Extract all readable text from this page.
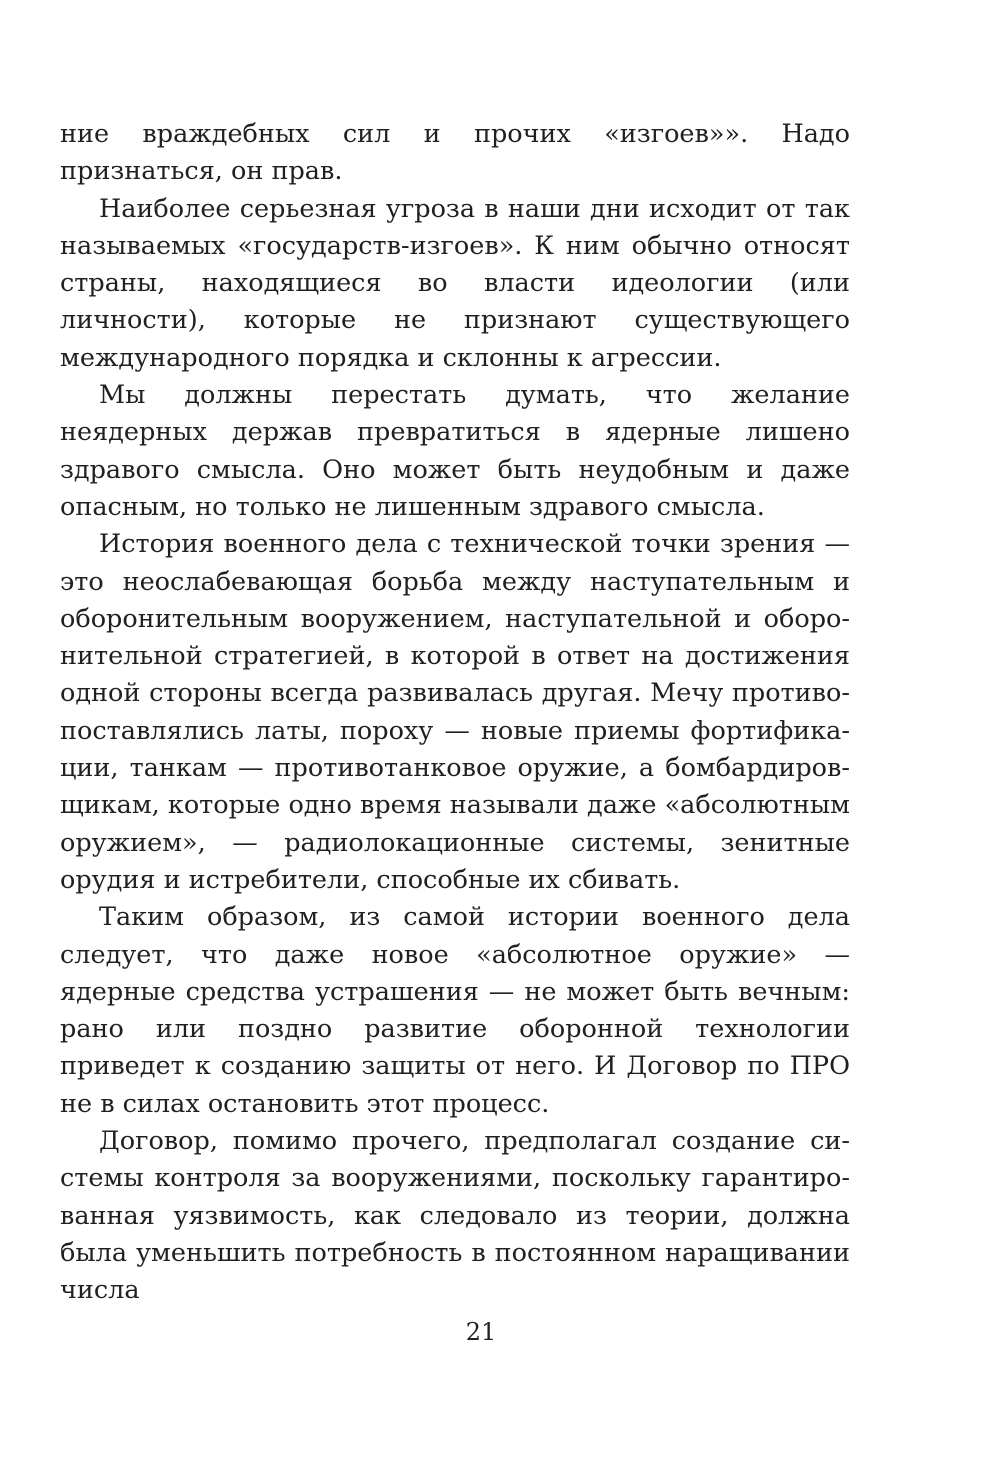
ние враждебных сил и прочих «изгоев»». Надо признаться, он прав.

Наиболее серьезная угроза в наши дни исходит от так называемых «государств-изгоев». К ним обычно относят страны, находящиеся во власти идеологии (или личности), которые не признают существующего международного порядка и склонны к агрессии.

Мы должны перестать думать, что желание неядерных держав превратиться в ядерные лишено здравого смысла. Оно может быть неудобным и даже опасным, но только не лишенным здравого смысла.

История военного дела с технической точки зрения — это неослабевающая борьба между наступательным и оборонительным вооружением, наступательной и оборонительной стратегией, в которой в ответ на достижения одной стороны всегда развивалась другая. Мечу противопоставлялись латы, пороху — новые приемы фортификации, танкам — противотанковое оружие, а бомбардировщикам, которые одно время называли даже «абсолютным оружием», — радиолокационные системы, зенитные орудия и истребители, способные их сбивать.

Таким образом, из самой истории военного дела следует, что даже новое «абсолютное оружие» — ядерные средства устрашения — не может быть вечным: рано или поздно развитие оборонной технологии приведет к созданию защиты от него. И Договор по ПРО не в силах остановить этот процесс.

Договор, помимо прочего, предполагал создание системы контроля за вооружениями, поскольку гарантированная уязвимость, как следовало из теории, должна была уменьшить потребность в постоянном наращивании числа

21
